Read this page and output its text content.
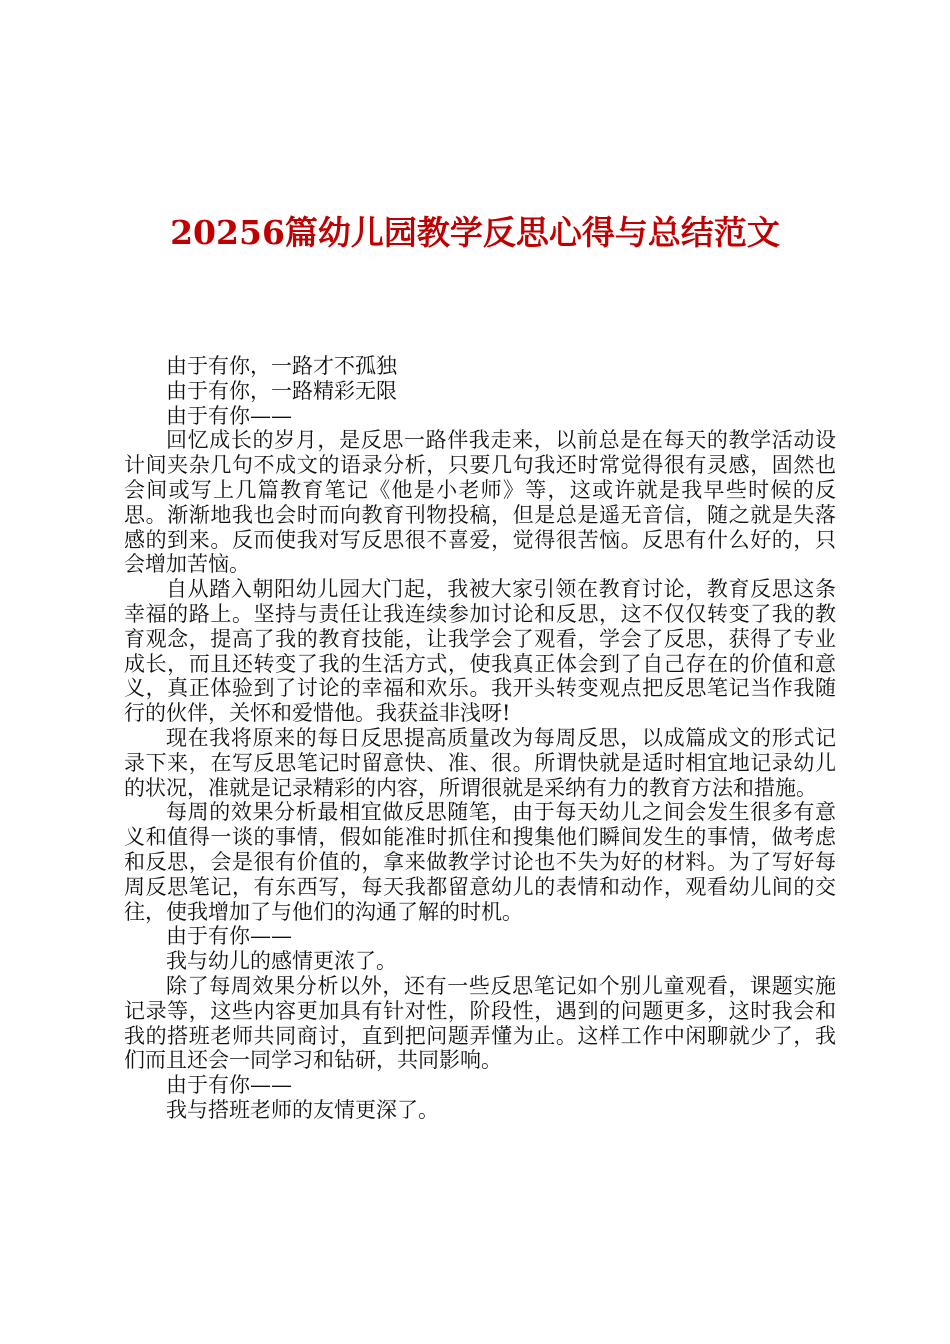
20256篇幼儿园教学反思心得与总结范文

由于有你，一路才不孤独

由于有你，一路精彩无限

由于有你——

回忆成长的岁月，是反思一路伴我走来，以前总是在每天的教学活动设计间夹杂几句不成文的语录分析，只要几句我还时常觉得很有灵感，固然也会间或写上几篇教育笔记《他是小老师》等，这或许就是我早些时候的反思。渐渐地我也会时而向教育刊物投稿，但是总是遥无音信，随之就是失落感的到来。反而使我对写反思很不喜爱，觉得很苦恼。反思有什么好的，只会增加苦恼。

自从踏入朝阳幼儿园大门起，我被大家引领在教育讨论，教育反思这条幸福的路上。坚持与责任让我连续参加讨论和反思，这不仅仅转变了我的教育观念，提高了我的教育技能，让我学会了观看，学会了反思，获得了专业成长，而且还转变了我的生活方式，使我真正体会到了自己存在的价值和意义，真正体验到了讨论的幸福和欢乐。我开头转变观点把反思笔记当作我随行的伙伴，关怀和爱惜他。我获益非浅呀!

现在我将原来的每日反思提高质量改为每周反思，以成篇成文的形式记录下来，在写反思笔记时留意快、准、很。所谓快就是适时相宜地记录幼儿的状况，准就是记录精彩的内容，所谓很就是采纳有力的教育方法和措施。

每周的效果分析最相宜做反思随笔，由于每天幼儿之间会发生很多有意义和值得一谈的事情，假如能准时抓住和搜集他们瞬间发生的事情，做考虑和反思，会是很有价值的，拿来做教学讨论也不失为好的材料。为了写好每周反思笔记，有东西写，每天我都留意幼儿的表情和动作，观看幼儿间的交往，使我增加了与他们的沟通了解的时机。

由于有你——

我与幼儿的感情更浓了。

除了每周效果分析以外，还有一些反思笔记如个别儿童观看，课题实施记录等，这些内容更加具有针对性，阶段性，遇到的问题更多，这时我会和我的搭班老师共同商讨，直到把问题弄懂为止。这样工作中闲聊就少了，我们而且还会一同学习和钻研，共同影响。

由于有你——

我与搭班老师的友情更深了。
